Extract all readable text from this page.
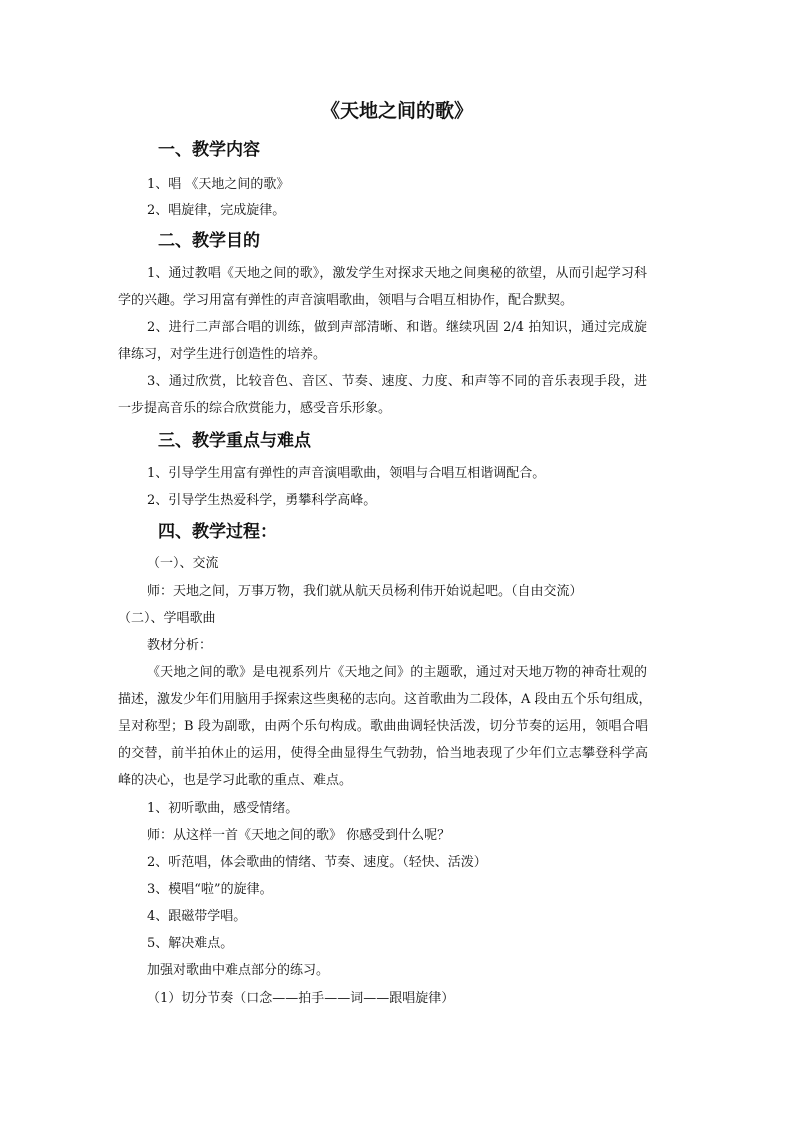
《天地之间的歌》
一、教学内容
1、唱 《天地之间的歌》
2、唱旋律，完成旋律。
二、教学目的
1、通过教唱《天地之间的歌》，激发学生对探求天地之间奥秘的欲望，从而引起学习科
学的兴趣。学习用富有弹性的声音演唱歌曲，领唱与合唱互相协作，配合默契。
2、进行二声部合唱的训练，做到声部清晰、和谐。继续巩固 2/4 拍知识，通过完成旋
律练习，对学生进行创造性的培养。
3、通过欣赏，比较音色、音区、节奏、速度、力度、和声等不同的音乐表现手段，进
一步提高音乐的综合欣赏能力，感受音乐形象。
三、教学重点与难点
1、引导学生用富有弹性的声音演唱歌曲，领唱与合唱互相谐调配合。
2、引导学生热爱科学，勇攀科学高峰。
四、教学过程：
（一）、交流
师：天地之间，万事万物，我们就从航天员杨利伟开始说起吧。（自由交流）
（二）、学唱歌曲
教材分析：
《天地之间的歌》是电视系列片《天地之间》的主题歌，通过对天地万物的神奇壮观的
描述，激发少年们用脑用手探索这些奥秘的志向。这首歌曲为二段体，A 段由五个乐句组成，
呈对称型；B 段为副歌，由两个乐句构成。歌曲曲调轻快活泼，切分节奏的运用，领唱合唱
的交替，前半拍休止的运用，使得全曲显得生气勃勃，恰当地表现了少年们立志攀登科学高
峰的决心，也是学习此歌的重点、难点。
1、初听歌曲，感受情绪。
师：从这样一首《天地之间的歌》 你感受到什么呢？
2、听范唱，体会歌曲的情绪、节奏、速度。（轻快、活泼）
3、模唱“啦”的旋律。
4、跟磁带学唱。
5、解决难点。
加强对歌曲中难点部分的练习。
（1）切分节奏（口念——拍手——词——跟唱旋律）
